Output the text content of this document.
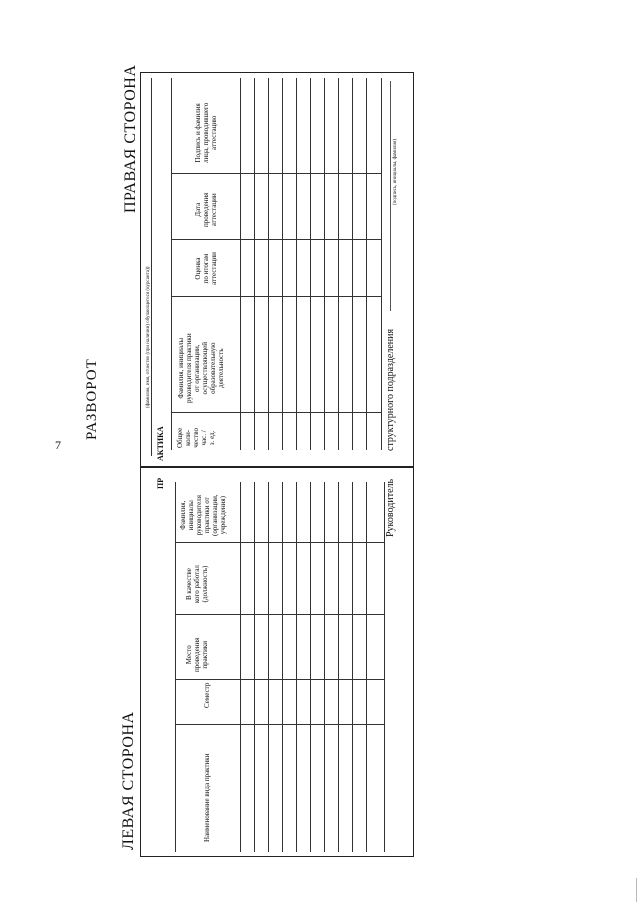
7
РАЗВОРОТ
ЛЕВАЯ СТОРОНА
ПРАВАЯ СТОРОНА
ПР
Наименование вида практики
Семестр
Место проведения практики
В качестве кого работал (должность)
Фамилия, инициалы руководителя практики от (организации, учреждения)	Руководитель
АКТИКА
(фамилия, имя, отчество (при наличии) обучающегося (курсанта))
Общее коли- чество час. / з. ед.
Фамилия, инициалы руководителя практики от организации, осуществляющей образовательную деятельность
Оценка по итогам аттестации
Дата проведения аттестации
Подпись и фамилия лица, проводившего аттестацию
структурного подразделения
(подпись, инициалы, фамилия)
